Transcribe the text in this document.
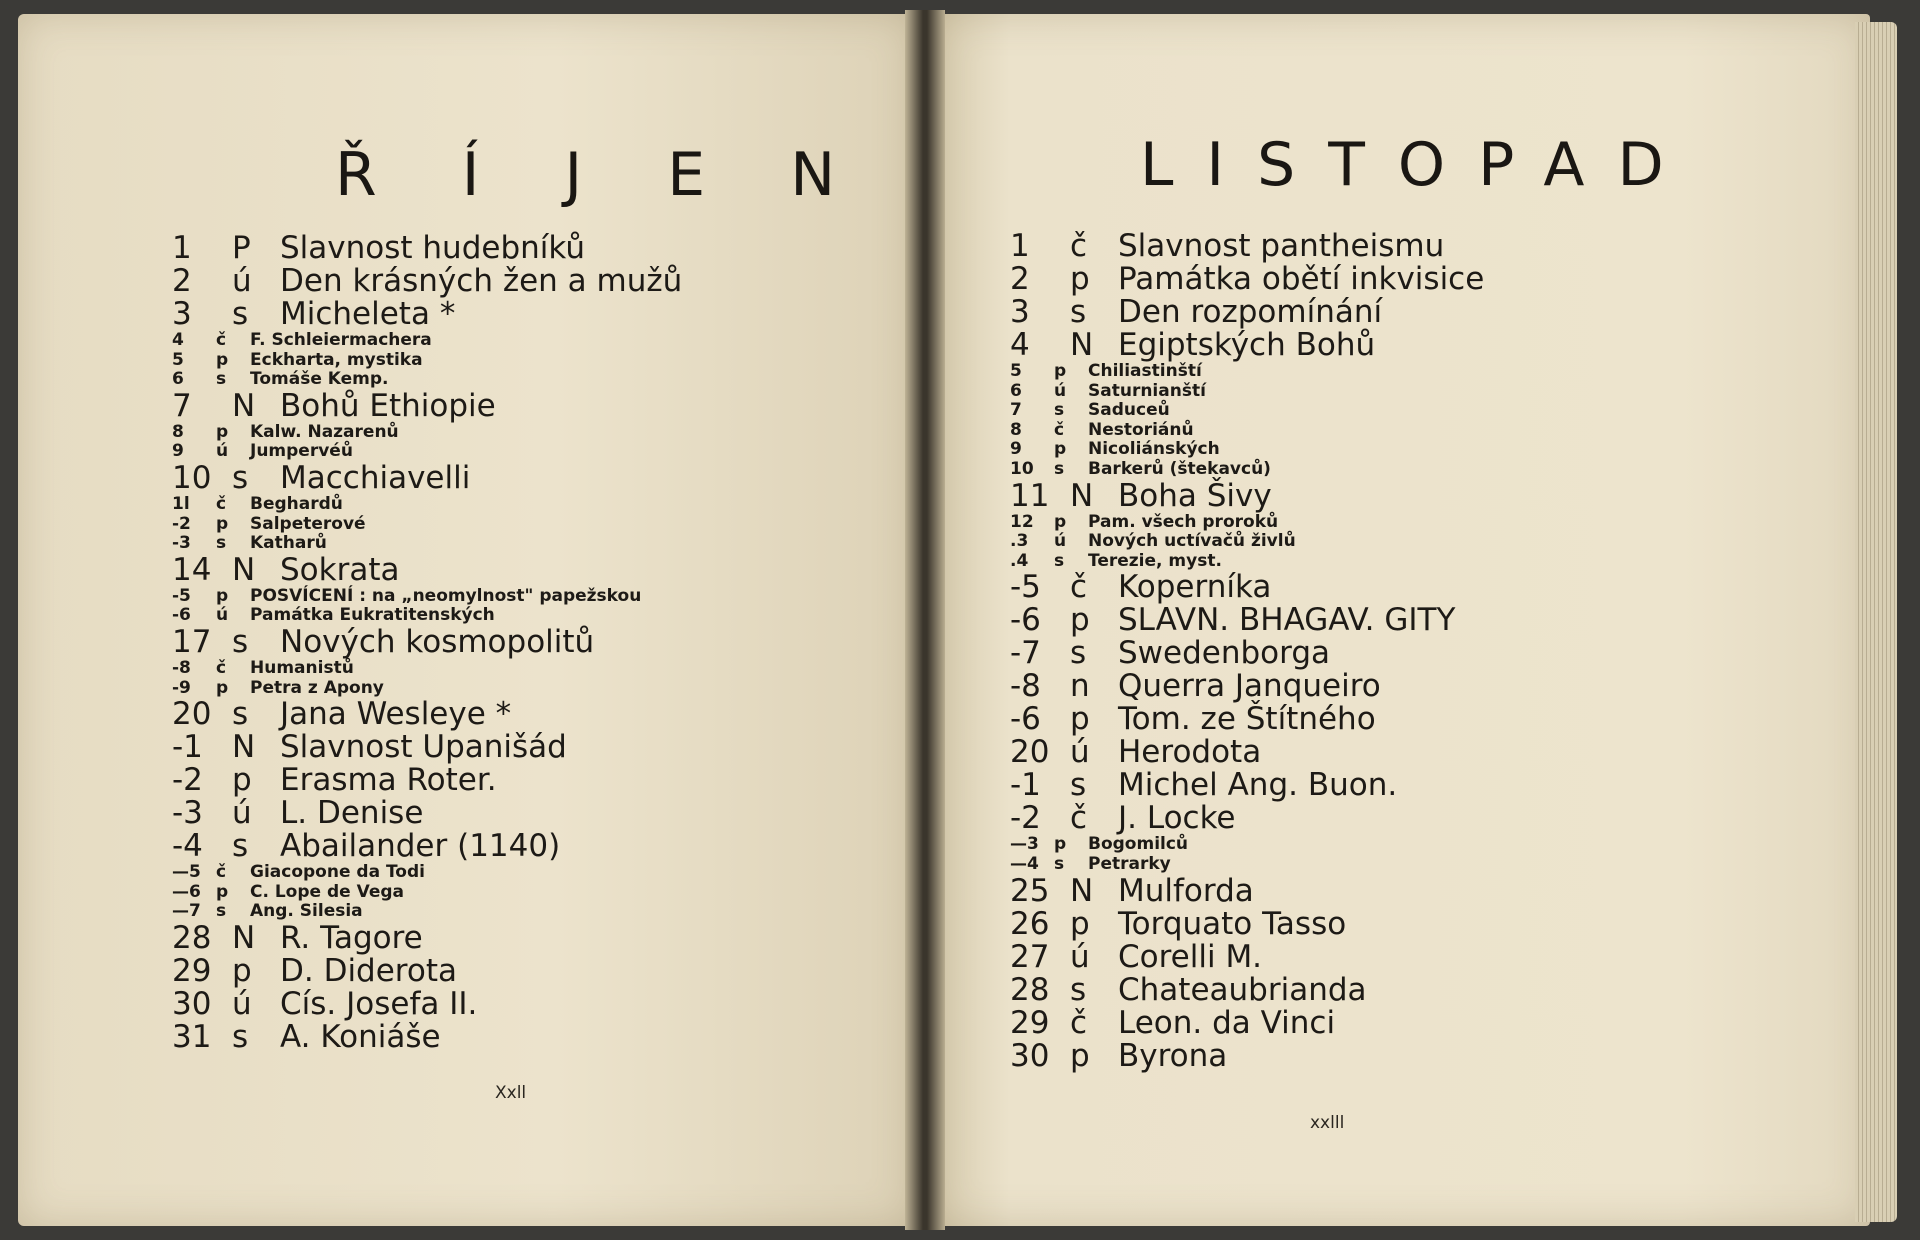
Ř Í J E N	LISTOPAD
1	P Slavnost hudebníků
2	ú Den krásných žen a mužů
3	s	Micheleta *
4	č	F. Schleiermachera
5	p	Eckharta, mystika
6	s	Tomáše Kemp.
7	N Bohů Ethiopie
8	p	Kalw. Nazarenů
9	ú	Jumpervéů
10 s	Macchiavelli
1l	č	Beghardů
-2	p	Salpeterové
-3	s	Katharů
14 N Sokrata
-5	p	POSVÍCENÍ : na „neomylnost" papežskou
-6	ú	Památka Eukratitenských
17 s	Nových kosmopolitů
-8	č	Humanistů
-9	p	Petra z Apony
20 s	Jana Wesleye *
-1 N Slavnost Upanišád
-2 p Erasma Roter.
-3 ú L. Denise
-4 s	Abailander (1140)
—5 č	Giacopone da Todi
—6 p	C. Lope de Vega
—7 s	Ang. Silesia
28 N R. Tagore
29 p D. Diderota
30 ú Cís. Josefa II.
31 s	A. Koniáše
1	č Slavnost pantheismu
2	p Památka obětí inkvisice
3	s	Den rozpomínání
4	N Egiptských Bohů
5	p	Chiliastinští
6	ú	Saturnianští
7	s	Saduceů
8	č	Nestoriánů
9	p	Nicoliánských
10	s	Barkerů (štekavců)
11 N Boha Šivy
12	p	Pam. všech proroků
.3	ú	Nových uctívačů živlů
.4	s	Terezie, myst.
-5 č Koperníka
-6 p SLAVN. BHAGAV. GITY
-7 s	Swedenborga
-8 n Querra Janqueiro
-6 p Tom. ze Štítného
20 ú Herodota
-1 s	Michel Ang. Buon.
-2 č J. Locke
—3 p	Bogomilců
—4 s	Petrarky
25 N Mulforda
26 p Torquato Tasso
27 ú Corelli M.
28 s	Chateaubrianda
29 č Leon. da Vinci
30 p Byrona
Xxll
xxlll
